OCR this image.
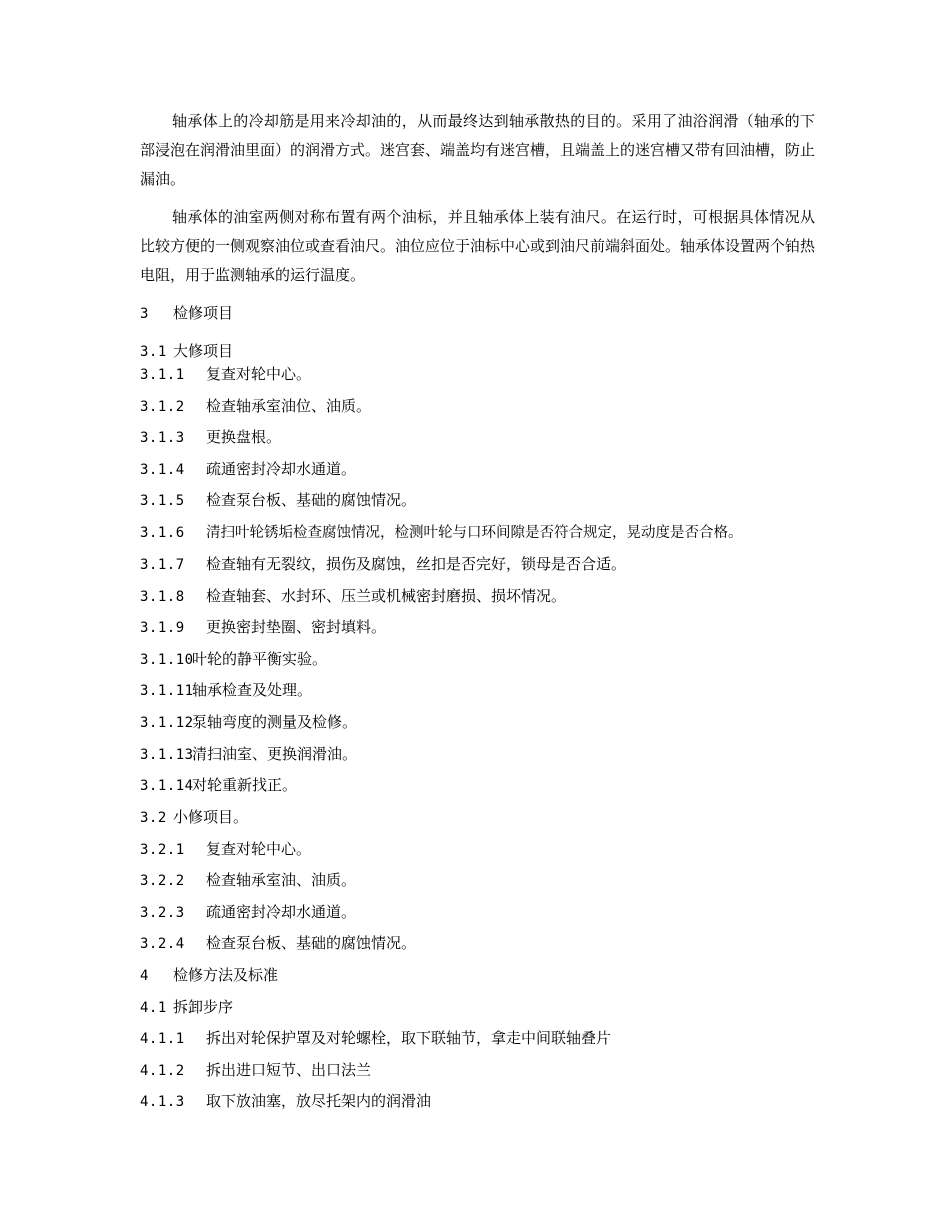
轴承体上的冷却筋是用来冷却油的，从而最终达到轴承散热的目的。采用了油浴润滑（轴承的下部浸泡在润滑油里面）的润滑方式。迷宫套、端盖均有迷宫槽，且端盖上的迷宫槽又带有回油槽，防止漏油。

轴承体的油室两侧对称布置有两个油标，并且轴承体上装有油尺。在运行时，可根据具体情况从比较方便的一侧观察油位或查看油尺。油位应位于油标中心或到油尺前端斜面处。轴承体设置两个铂热电阻，用于监测轴承的运行温度。

3 检修项目
3.1 大修项目
3.1.1 复查对轮中心。
3.1.2 检查轴承室油位、油质。
3.1.3 更换盘根。
3.1.4 疏通密封冷却水通道。
3.1.5 检查泵台板、基础的腐蚀情况。
3.1.6 清扫叶轮锈垢检查腐蚀情况，检测叶轮与口环间隙是否符合规定，晃动度是否合格。
3.1.7 检查轴有无裂纹，损伤及腐蚀，丝扣是否完好，锁母是否合适。
3.1.8 检查轴套、水封环、压兰或机械密封磨损、损坏情况。
3.1.9 更换密封垫圈、密封填料。
3.1.10叶轮的静平衡实验。
3.1.11轴承检查及处理。
3.1.12泵轴弯度的测量及检修。
3.1.13清扫油室、更换润滑油。
3.1.14对轮重新找正。
3.2 小修项目。
3.2.1 复查对轮中心。
3.2.2 检查轴承室油、油质。
3.2.3 疏通密封冷却水通道。
3.2.4 检查泵台板、基础的腐蚀情况。
4 检修方法及标准
4.1 拆卸步序
4.1.1 拆出对轮保护罩及对轮螺栓，取下联轴节，拿走中间联轴叠片
4.1.2 拆出进口短节、出口法兰
4.1.3 取下放油塞，放尽托架内的润滑油
